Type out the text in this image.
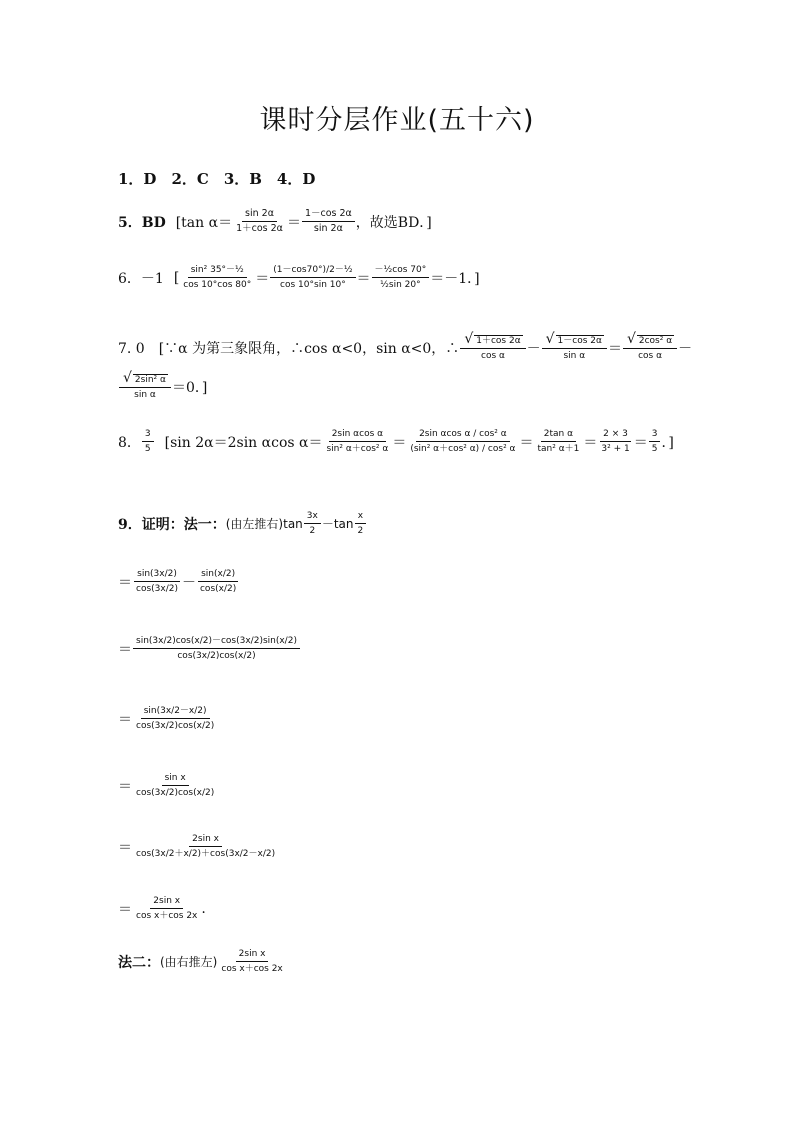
课时分层作业(五十六)
1．D　2．C　3．B　4．D
5．BD [tan $\alpha= \frac{\sin 2\alpha}{1+\cos 2\alpha} = \frac{1-\cos 2\alpha}{\sin 2\alpha}$ ，故选BD．]
6．－1 [ $\frac{\text{sin² 35°－½}}{\cos 10^\circ\cos 80^\circ} = \frac{\text{(1－cos70°)/2－½}}{\cos 10^\circ\sin 10^\circ} = \frac{\text{－½cos 70°}}{\text{½sin 20°}} =-1$．]
7. 0　[∵α 为第三象限角，∴cos α<0，sin α<0，∴ $\frac{√ 1+\cos 2\alpha}{\text{cos α}} - \frac{√ 1-\cos 2\alpha}{\text{sin α}} = \frac{\text{√ 2cos² α}}{\text{cos α}}$ －
$\frac{\text{√ 2sin² α}}{\text{sin α}} =0$．]
8． $\frac{3}{5} [\sin$ 2α＝2sin αcos $\alpha= \frac{\text{2sin αcos α}}{\text{sin² α＋cos² α}} = \frac{\text{2sin αcos α / cos² α}}{\text{(sin² α＋cos² α) / cos² α}} = \frac{\text{2tan α}}{\text{tan² α＋1}} = \frac{2 \times 3}{\text{3² + 1}} = \frac{3}{5}$ ．]
9．证明：法一： (由左推右)$\tan \frac{3x}{2} -\tan \frac{x}{2}$
＝ $\frac{\sin(3x/2)}{\cos(3x/2)} - \frac{\sin(x/2)}{\cos(x/2)}$
＝ $\frac{\sin(3x/2)\cos(x/2)-\cos(3x/2)\sin(x/2)}{\cos(3x/2)\cos(x/2)}$
＝ $\frac{\sin(3x/2-x/2)}{\cos(3x/2)\cos(x/2)}$
＝ $\frac{\text{sin x}}{\cos(3x/2)\cos(x/2)}$
＝ $\frac{\text{2sin x}}{\cos(3x/2+x/2)+\cos(3x/2-x/2)}$
＝ $\frac{\text{2sin x}}{\text{cos x＋cos 2x}}$ .
法二： (由右推左) $\frac{\text{2sin x}}{\text{cos x＋cos 2x}}$
